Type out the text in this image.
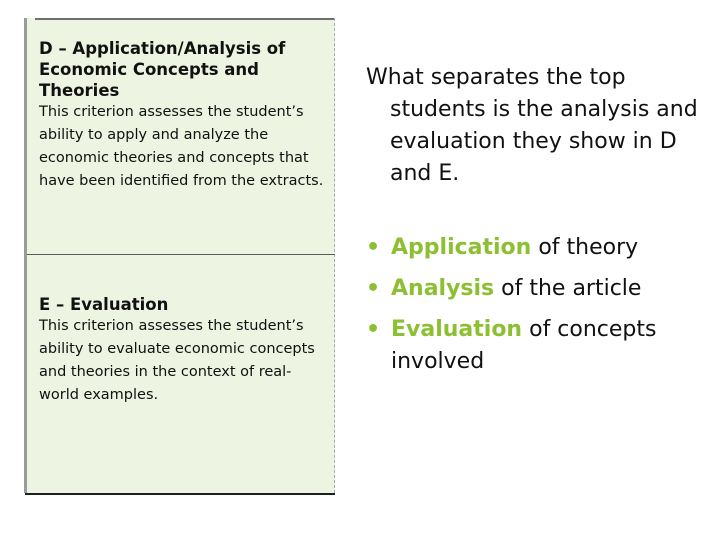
D – Application/Analysis of Economic Concepts and Theories

This criterion assesses the student’s ability to apply and analyze the economic theories and concepts that have been identified from the extracts.

E – Evaluation

This criterion assesses the student’s ability to evaluate economic concepts and theories in the context of real-world examples.

What separates the top students is the analysis and evaluation they show in D and E.

• Application of theory
• Analysis of the article
• Evaluation of concepts involved
